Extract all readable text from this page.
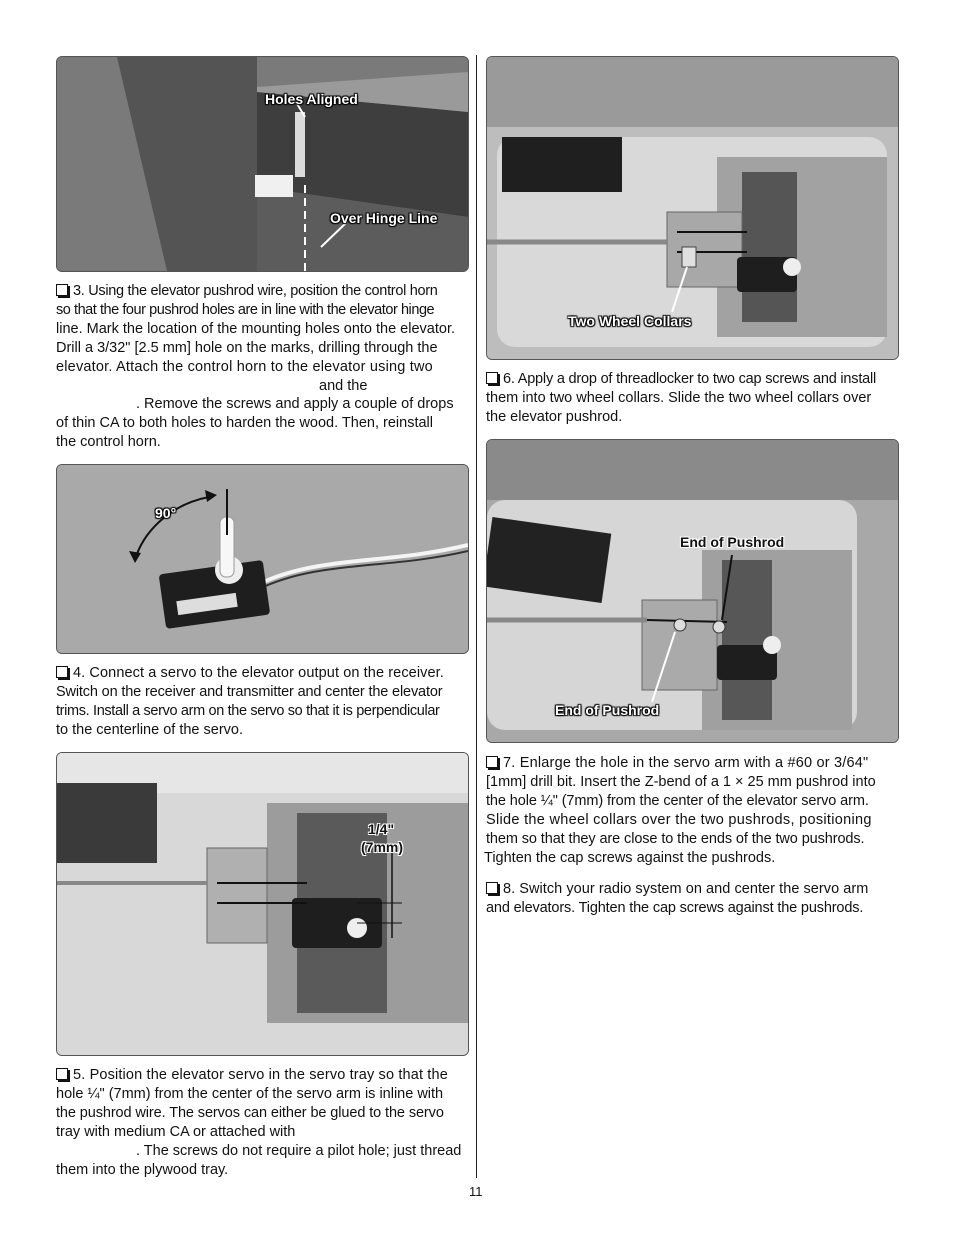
Holes Aligned
Over Hinge Line
3. Using the elevator pushrod wire, position the control horn
so that the four pushrod holes are in line with the elevator hinge
line. Mark the location of the mounting holes onto the elevator.
Drill a 3/32" [2.5 mm] hole on the marks, drilling through the
elevator. Attach the control horn to the elevator using two
and the
. Remove the screws and apply a couple of drops
of thin CA to both holes to harden the wood. Then, reinstall
the control horn.
90°
4. Connect a servo to the elevator output on the receiver.
Switch on the receiver and transmitter and center the elevator
trims. Install a servo arm on the servo so that it is perpendicular
to the centerline of the servo.
1/4"
(7mm)
5. Position the elevator servo in the servo tray so that the
hole ¼" (7mm) from the center of the servo arm is inline with
the pushrod wire. The servos can either be glued to the servo
tray with medium CA or attached with
. The screws do not require a pilot hole; just thread
them into the plywood tray.
Two Wheel Collars
6. Apply a drop of threadlocker to two cap screws and install
them into two wheel collars. Slide the two wheel collars over
the elevator pushrod.
End of Pushrod
End of Pushrod
7. Enlarge the hole in the servo arm with a #60 or 3/64"
[1mm] drill bit. Insert the Z-bend of a 1 × 25 mm pushrod into
the hole ¼" (7mm) from the center of the elevator servo arm.
Slide the wheel collars over the two pushrods, positioning
them so that they are close to the ends of the two pushrods.
Tighten the cap screws against the pushrods.
8. Switch your radio system on and center the servo arm
and elevators. Tighten the cap screws against the pushrods.
11
